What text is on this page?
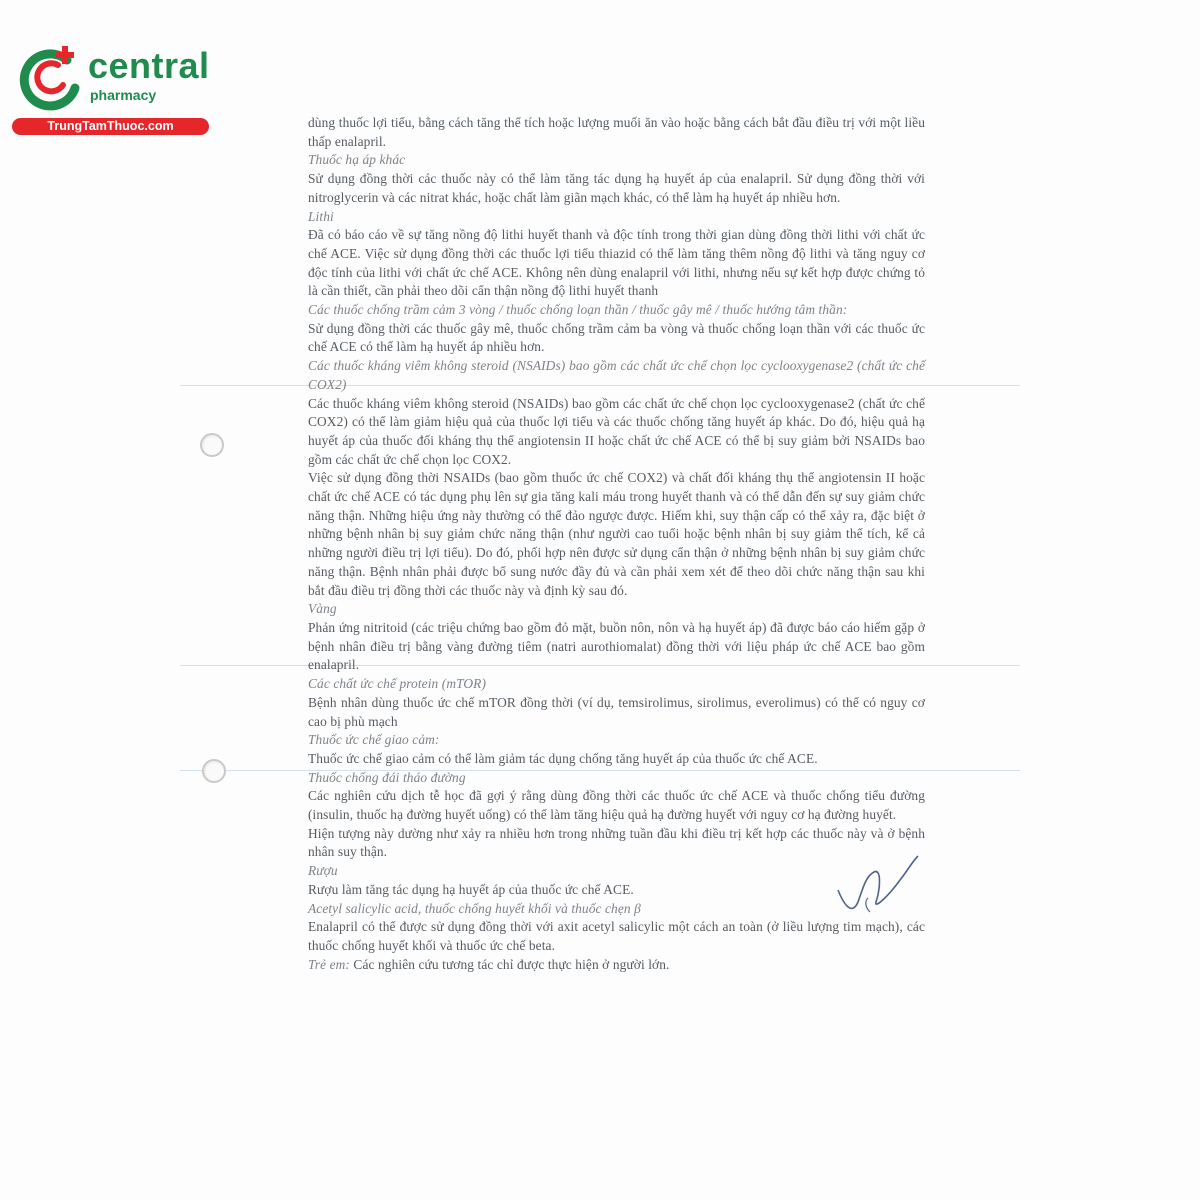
central
pharmacy
TrungTamThuoc.com	dùng thuốc lợi tiểu, bằng cách tăng thể tích hoặc lượng muối ăn vào hoặc bằng cách bắt đầu điều trị với một liều thấp enalapril.

Thuốc hạ áp khác

Sử dụng đồng thời các thuốc này có thể làm tăng tác dụng hạ huyết áp của enalapril. Sử dụng đồng thời với nitroglycerin và các nitrat khác, hoặc chất làm giãn mạch khác, có thể làm hạ huyết áp nhiều hơn.

Lithi

Đã có báo cáo về sự tăng nồng độ lithi huyết thanh và độc tính trong thời gian dùng đồng thời lithi với chất ức chế ACE. Việc sử dụng đồng thời các thuốc lợi tiểu thiazid có thể làm tăng thêm nồng độ lithi và tăng nguy cơ độc tính của lithi với chất ức chế ACE. Không nên dùng enalapril với lithi, nhưng nếu sự kết hợp được chứng tỏ là cần thiết, cần phải theo dõi cẩn thận nồng độ lithi huyết thanh

Các thuốc chống trầm cảm 3 vòng / thuốc chống loạn thần / thuốc gây mê / thuốc hướng tâm thần:

Sử dụng đồng thời các thuốc gây mê, thuốc chống trầm cảm ba vòng và thuốc chống loạn thần với các thuốc ức chế ACE có thể làm hạ huyết áp nhiều hơn.

Các thuốc kháng viêm không steroid (NSAIDs) bao gồm các chất ức chế chọn lọc cyclooxygenase2 (chất ức chế COX2)

Các thuốc kháng viêm không steroid (NSAIDs) bao gồm các chất ức chế chọn lọc cyclooxygenase2 (chất ức chế COX2) có thể làm giảm hiệu quả của thuốc lợi tiểu và các thuốc chống tăng huyết áp khác. Do đó, hiệu quả hạ huyết áp của thuốc đối kháng thụ thể angiotensin II hoặc chất ức chế ACE có thể bị suy giảm bởi NSAIDs bao gồm các chất ức chế chọn lọc COX2.

Việc sử dụng đồng thời NSAIDs (bao gồm thuốc ức chế COX2) và chất đối kháng thụ thể angiotensin II hoặc chất ức chế ACE có tác dụng phụ lên sự gia tăng kali máu trong huyết thanh và có thể dẫn đến sự suy giảm chức năng thận. Những hiệu ứng này thường có thể đảo ngược được. Hiếm khi, suy thận cấp có thể xảy ra, đặc biệt ở những bệnh nhân bị suy giảm chức năng thận (như người cao tuổi hoặc bệnh nhân bị suy giảm thể tích, kể cả những người điều trị lợi tiểu). Do đó, phối hợp nên được sử dụng cẩn thận ở những bệnh nhân bị suy giảm chức năng thận. Bệnh nhân phải được bổ sung nước đầy đủ và cần phải xem xét để theo dõi chức năng thận sau khi bắt đầu điều trị đồng thời các thuốc này và định kỳ sau đó.

Vàng

Phản ứng nitritoid (các triệu chứng bao gồm đỏ mặt, buồn nôn, nôn và hạ huyết áp) đã được báo cáo hiếm gặp ở bệnh nhân điều trị bằng vàng đường tiêm (natri aurothiomalat) đồng thời với liệu pháp ức chế ACE bao gồm enalapril.

Các chất ức chế protein (mTOR)

Bệnh nhân dùng thuốc ức chế mTOR đồng thời (ví dụ, temsirolimus, sirolimus, everolimus) có thể có nguy cơ cao bị phù mạch

Thuốc ức chế giao cảm:

Thuốc ức chế giao cảm có thể làm giảm tác dụng chống tăng huyết áp của thuốc ức chế ACE.

Thuốc chống đái tháo đường

Các nghiên cứu dịch tễ học đã gợi ý rằng dùng đồng thời các thuốc ức chế ACE và thuốc chống tiểu đường (insulin, thuốc hạ đường huyết uống) có thể làm tăng hiệu quả hạ đường huyết với nguy cơ hạ đường huyết.

Hiện tượng này dường như xảy ra nhiều hơn trong những tuần đầu khi điều trị kết hợp các thuốc này và ở bệnh nhân suy thận.

Rượu

Rượu làm tăng tác dụng hạ huyết áp của thuốc ức chế ACE.

Acetyl salicylic acid, thuốc chống huyết khối và thuốc chẹn β

Enalapril có thể được sử dụng đồng thời với axit acetyl salicylic một cách an toàn (ở liều lượng tim mạch), các thuốc chống huyết khối và thuốc ức chế beta.

Trẻ em: Các nghiên cứu tương tác chỉ được thực hiện ở người lớn.
